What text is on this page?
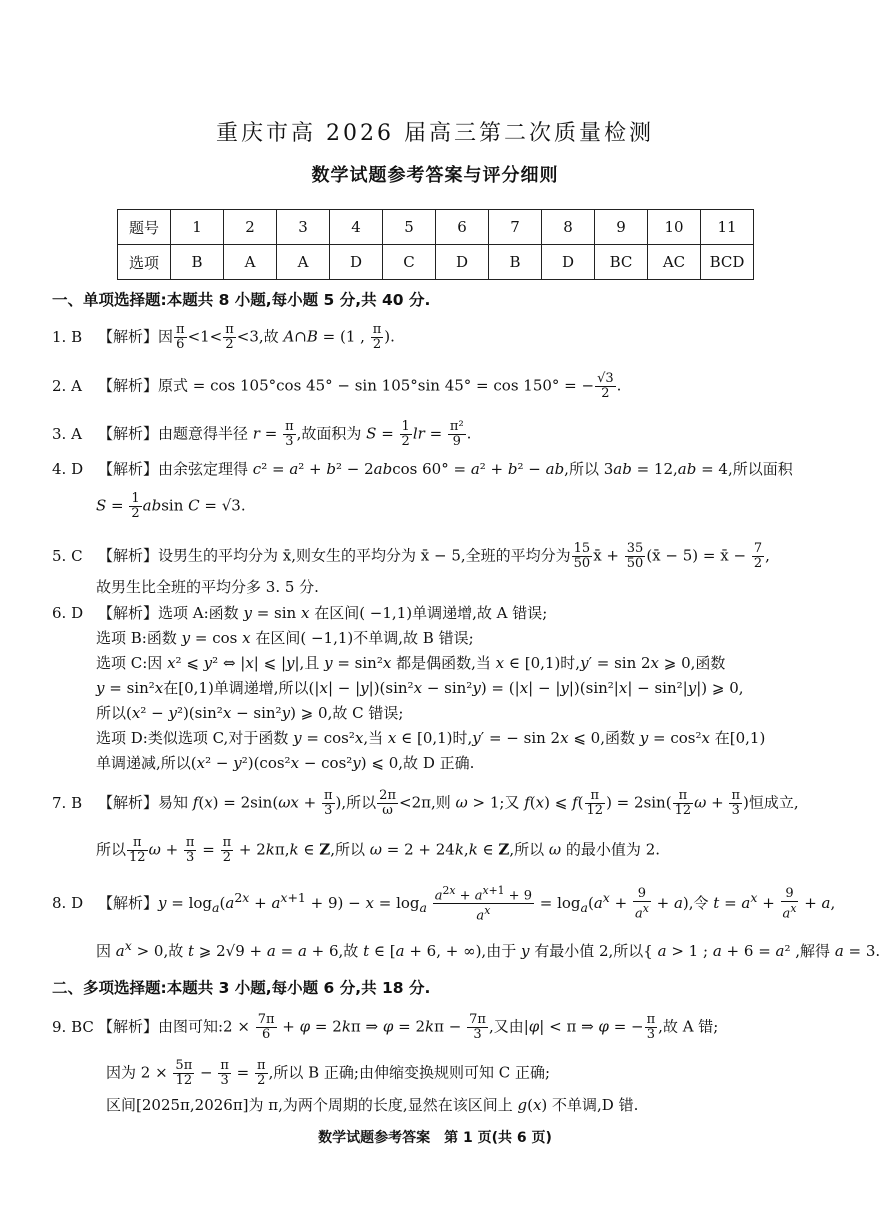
重庆市高 2026 届高三第二次质量检测
数学试题参考答案与评分细则
题号	1	2	3	4	5	6	7	8	9	10	11
选项	B	A	A	D	C	D	B	D	BC	AC	BCD
一、单项选择题:本题共 8 小题,每小题 5 分,共 40 分.
1. B 【解析】因 $\frac{\pi}{6} <1< \frac{\pi}{2} <3$,故 A∩B = (1 , $\frac{\pi}{2}$ ).
2. A 【解析】原式 = cos 105°cos 45° − sin 105°sin 45° = cos 150° = − $\frac{√3}{2}$ .
3. A 【解析】由题意得半径 $r = \frac{\pi}{3}$ ,故面积为 $S = \frac{1}{2}$ lr = $\frac{\text{π²}}{9}$ .
4. D 【解析】由余弦定理得 c² = a² + b² − 2abcos 60° = a² + b² − ab,所以 3ab = 12,ab = 4,所以面积
$S = \frac{1}{2}$ absin C = √3.
5. C 【解析】设男生的平均分为 x̄,则女生的平均分为 x̄ − 5,全班的平均分为 $\frac{15}{50}$ x̄ + $\frac{35}{50}$ (x̄ − 5) = x̄ − $\frac{7}{2}$ ,
故男生比全班的平均分多 3. 5 分.
6. D 【解析】选项 A:函数 y = sin x 在区间( −1,1)单调递增,故 A 错误;
选项 B:函数 y = cos x 在区间( −1,1)不单调,故 B 错误;
选项 C:因 x² ⩽ y² ⇔ |x| ⩽ |y|,且 y = sin²x 都是偶函数,当 x ∈ [0,1)时,y′ = sin 2x ⩾ 0,函数
y = sin²x在[0,1)单调递增,所以(|x| − |y|)(sin²x − sin²y) = (|x| − |y|)(sin²|x| − sin²|y|) ⩾ 0,
所以(x² − y²)(sin²x − sin²y) ⩾ 0,故 C 错误;
选项 D:类似选项 C,对于函数 y = cos²x,当 x ∈ [0,1)时,y′ = − sin 2x ⩽ 0,函数 y = cos²x 在[0,1)
单调递减,所以(x² − y²)(cos²x − cos²y) ⩽ 0,故 D 正确.
7. B 【解析】易知 $f(x) = 2\sin(\omega x + \frac{\pi}{3}$ ),所以 $\frac{2\pi}{\omega} <2\pi$,则 ω > 1;又 f(x) ⩽ $f( \frac{\pi}{12}$ ) = $2\sin( \frac{\pi}{12}$ $\omega + \frac{\pi}{3}$ )恒成立,
所以 $\frac{\pi}{12}$ $\omega + \frac{\pi}{3} = \frac{\pi}{2} + 2k\pi,k$ ∈ Z,所以 ω = 2 + 24k,k ∈ Z,所以 ω 的最小值为 2.
8. D 【解析】$y = \log_a(a^{2x} + a^{x+1} + 9) - x = \log_a \frac{a^{2x} + a^{x+1} + 9}{a^x} = \log_a(a^x + \frac{9}{a^x} + a)$,令 $t = a^x + \frac{9}{a^x} + a$,
因 $a^x > 0$,故 t ⩾ 2√9 + a = a + 6,故 t ∈ [a + 6, + ∞),由于 y 有最小值 2,所以{ a > 1 ; a + 6 = a² ,解得 a = 3.
二、多项选择题:本题共 3 小题,每小题 6 分,共 18 分.
9. BC 【解析】由图可知:2 × $\frac{7\pi}{6} + \varphi = 2k\pi$ ⇒ $\varphi = 2k\pi - \frac{7\pi}{3}$ ,又由|φ| < π ⇒ φ = − $\frac{\pi}{3}$ ,故 A 错;
因为 $2 \times \frac{5\pi}{12} - \frac{\pi}{3} = \frac{\pi}{2}$ ,所以 B 正确;由伸缩变换规则可知 C 正确;
区间[2025π,2026π]为 π,为两个周期的长度,显然在该区间上 g(x) 不单调,D 错.
数学试题参考答案　第 1 页(共 6 页)
